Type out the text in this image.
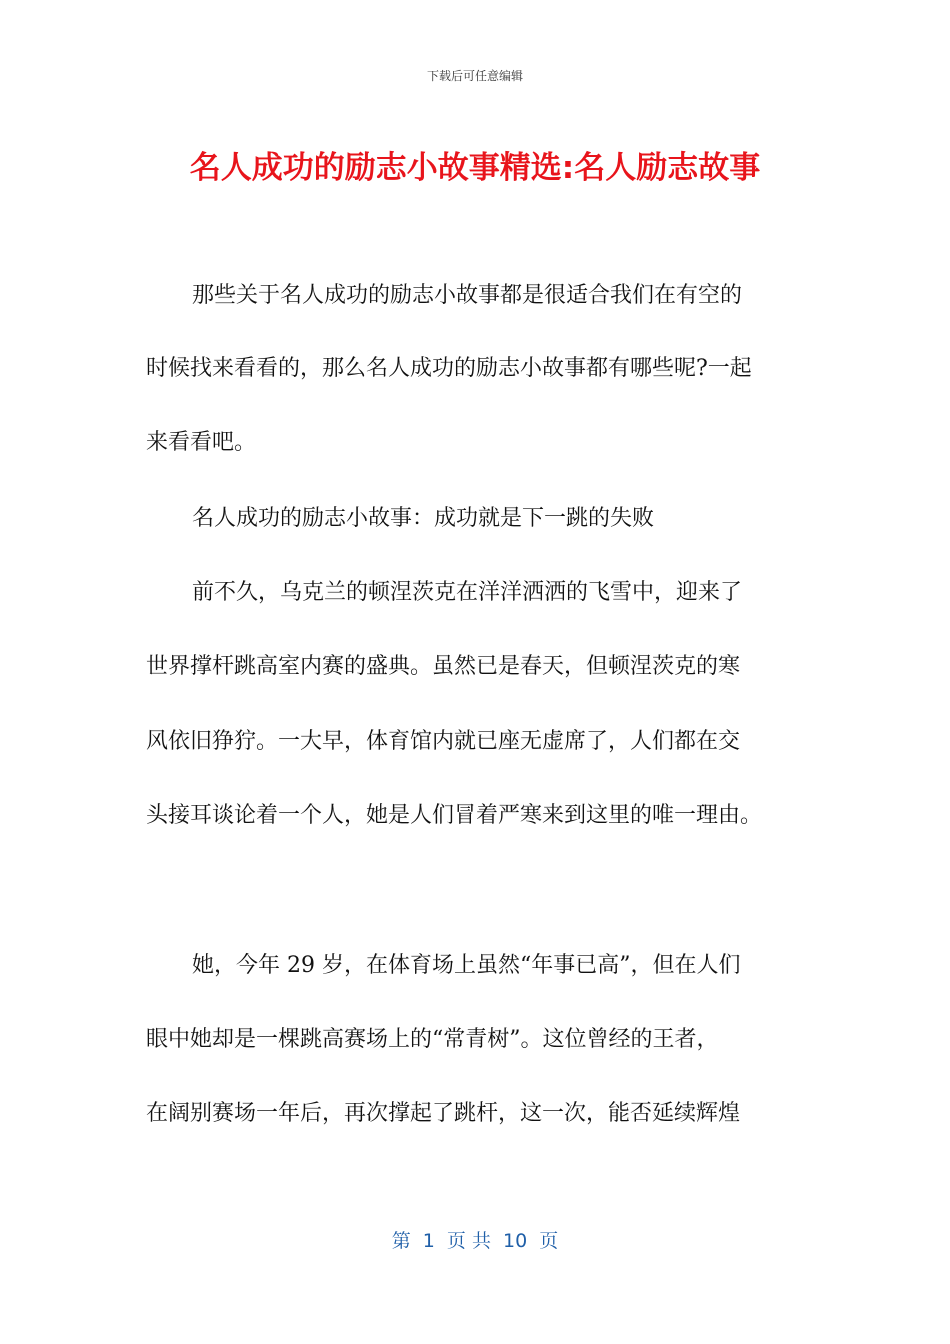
下载后可任意编辑
名人成功的励志小故事精选:名人励志故事
那些关于名人成功的励志小故事都是很适合我们在有空的
时候找来看看的，那么名人成功的励志小故事都有哪些呢?一起
来看看吧。
名人成功的励志小故事：成功就是下一跳的失败
前不久，乌克兰的顿涅茨克在洋洋洒洒的飞雪中，迎来了
世界撑杆跳高室内赛的盛典。虽然已是春天，但顿涅茨克的寒
风依旧狰狞。一大早，体育馆内就已座无虚席了，人们都在交
头接耳谈论着一个人，她是人们冒着严寒来到这里的唯一理由。
她，今年 29 岁，在体育场上虽然“年事已高”，但在人们
眼中她却是一棵跳高赛场上的“常青树”。这位曾经的王者，
在阔别赛场一年后，再次撑起了跳杆，这一次，能否延续辉煌
第  1  页 共  10  页
